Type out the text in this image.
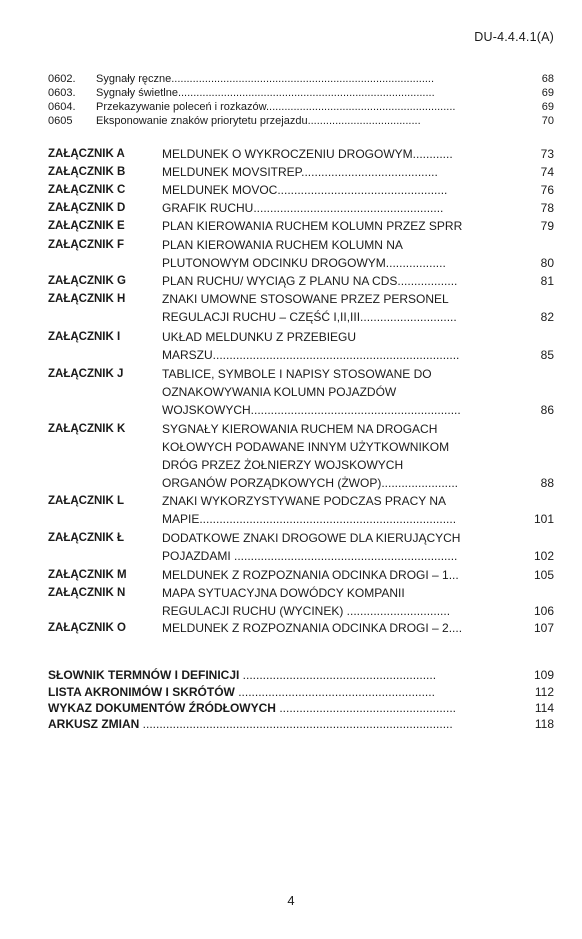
DU-4.4.4.1(A)
0602.	Sygnały ręczne......................................................................................	68
0603.	Sygnały świetlne....................................................................................	69
0604.	Przekazywanie poleceń i rozkazów..............................................................	69
0605	Eksponowanie znaków priorytetu przejazdu.....................................	70
ZAŁĄCZNIK A	MELDUNEK O WYKROCZENIU DROGOWYM............	73
ZAŁĄCZNIK B	MELDUNEK MOVSITREP.........................................	74
ZAŁĄCZNIK C	MELDUNEK MOVOC...................................................	76
ZAŁĄCZNIK D	GRAFIK RUCHU.........................................................	78
ZAŁĄCZNIK E	PLAN KIEROWANIA RUCHEM KOLUMN PRZEZ SPRR	79
ZAŁĄCZNIK F	PLAN KIEROWANIA RUCHEM KOLUMN NA
PLUTONOWYM ODCINKU DROGOWYM..................	80
ZAŁĄCZNIK G	PLAN RUCHU/ WYCIĄG Z PLANU NA CDS..................	81
ZAŁĄCZNIK H	ZNAKI UMOWNE STOSOWANE PRZEZ PERSONEL
REGULACJI RUCHU – CZĘŚĆ I,II,III.............................	82
ZAŁĄCZNIK I	UKŁAD MELDUNKU Z PRZEBIEGU
MARSZU..........................................................................	85
ZAŁĄCZNIK J	TABLICE, SYMBOLE I NAPISY STOSOWANE DO
OZNAKOWYWANIA KOLUMN POJAZDÓW
WOJSKOWYCH...............................................................	86
ZAŁĄCZNIK K	SYGNAŁY KIEROWANIA RUCHEM NA DROGACH
KOŁOWYCH PODAWANE INNYM UŻYTKOWNIKOM
DRÓG PRZEZ ŻOŁNIERZY WOJSKOWYCH
ORGANÓW PORZĄDKOWYCH (ŻWOP).......................	88
ZAŁĄCZNIK L	ZNAKI WYKORZYSTYWANE PODCZAS PRACY NA
MAPIE.............................................................................	101
ZAŁĄCZNIK Ł	DODATKOWE ZNAKI DROGOWE DLA KIERUJĄCYCH
POJAZDAMI ...................................................................	102
ZAŁĄCZNIK M	MELDUNEK Z ROZPOZNANIA ODCINKA DROGI – 1...	105
ZAŁĄCZNIK N	MAPA SYTUACYJNA DOWÓDCY KOMPANII
REGULACJI RUCHU (WYCINEK) ...............................	106
ZAŁĄCZNIK O	MELDUNEK Z ROZPOZNANIA ODCINKA DROGI – 2....	107
SŁOWNIK TERMNÓW I DEFINICJI ..........................................................	109
LISTA AKRONIMÓW I SKRÓTÓW ...........................................................	112
WYKAZ DOKUMENTÓW ŹRÓDŁOWYCH .....................................................	114
ARKUSZ ZMIAN .............................................................................................	118
4
